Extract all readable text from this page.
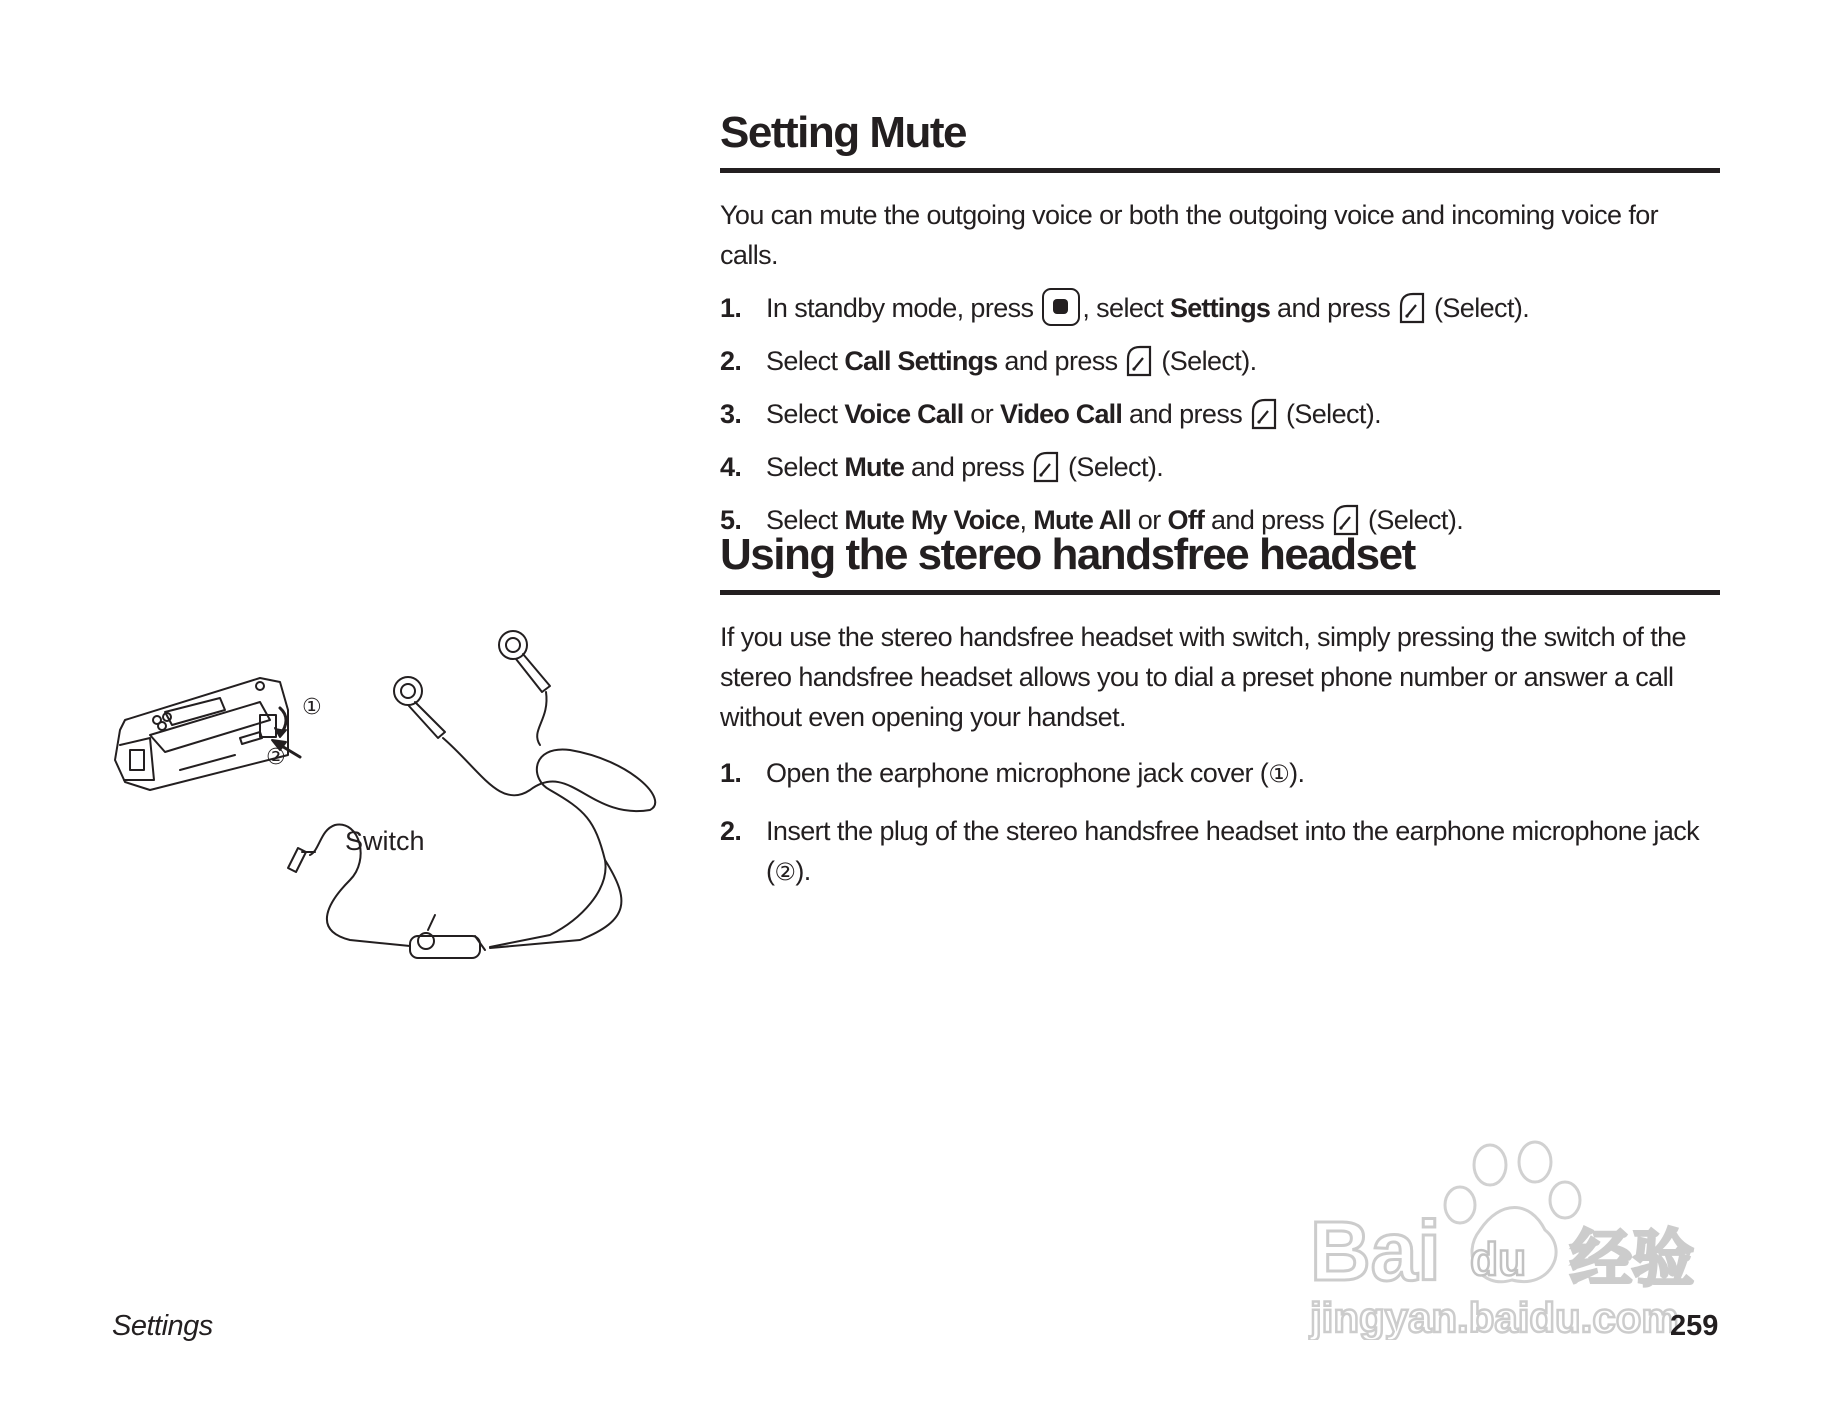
Setting Mute

You can mute the outgoing voice or both the outgoing voice and incoming voice for calls.

1. In standby mode, press , select Settings and press  (Select).
2. Select Call Settings and press  (Select).
3. Select Voice Call or Video Call and press  (Select).
4. Select Mute and press  (Select).
5. Select Mute My Voice, Mute All or Off and press  (Select).
Using the stereo handsfree headset

If you use the stereo handsfree headset with switch, simply pressing the switch of the stereo handsfree headset allows you to dial a preset phone number or answer a call without even opening your handset.

1. Open the earphone microphone jack cover (①).
2. Insert the plug of the stereo handsfree headset into the earphone microphone jack (②).
Switch
①
②
Bai du 经验
jingyan.baidu.com
Settings	259
